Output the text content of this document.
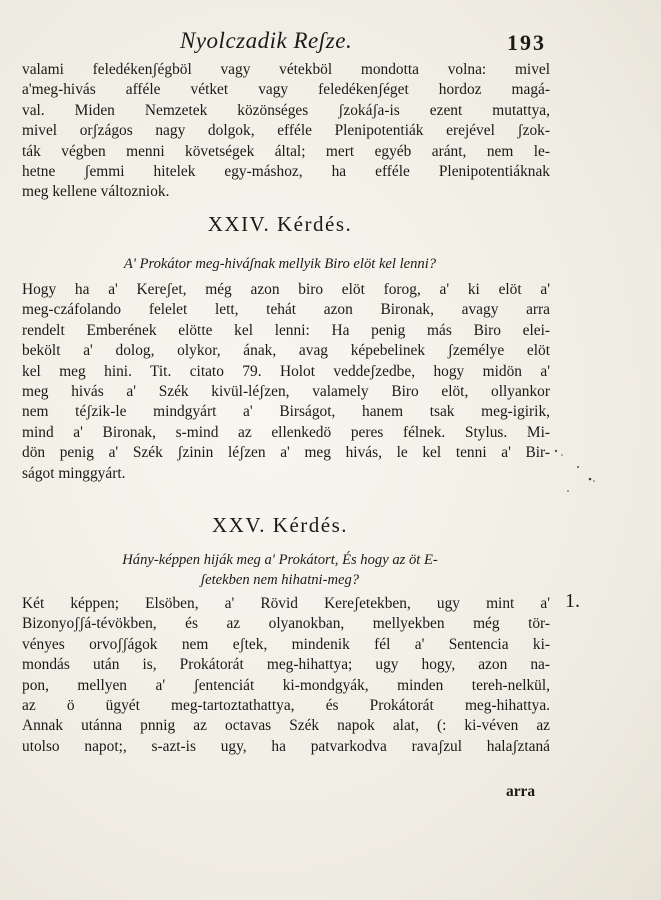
Nyolczadik Reʃze.	193
valami feledékenʃégböl vagy vétekböl mondotta volna: mivel
a'meg-hivás afféle vétket vagy feledékenʃéget hordoz magá-
val. Miden Nemzetek közönséges ʃzokáʃa-is ezent mutattya,
mivel orʃzágos nagy dolgok, efféle Plenipotentiák erejével ʃzok-
ták végben menni követségek által; mert egyéb aránt, nem le-
hetne ʃemmi hitelek egy-máshoz, ha efféle Plenipotentiáknak
meg kellene változniok.
XXIV. Kérdés.
A' Prokátor meg-hiváʃnak mellyik Biro elöt kel lenni?
Hogy ha a' Kereʃet, még azon biro elöt forog, a' ki elöt a'
meg-czáfolando felelet lett, tehát azon Bironak, avagy arra
rendelt Emberének elötte kel lenni: Ha penig más Biro elei-
bekölt a' dolog, olykor, ának, avag képebelinek ʃzemélye elöt
kel meg hini. Tit. citato 79. Holot veddeʃzedbe, hogy midön a'
meg hivás a' Szék kivül-léʃzen, valamely Biro elöt, ollyankor
nem téʃzik-le mindgyárt a' Birságot, hanem tsak meg-igirik,
mind a' Bironak, s-mind az ellenkedö peres félnek. Stylus. Mi-
dön penig a' Szék ʃzinin léʃzen a' meg hivás, le kel tenni a' Bir-
ságot minggyárt.
XXV. Kérdés.
Hány-képpen hiják meg a' Prokátort, És hogy az öt E-
ʃetekben nem hihatni-meg?
Két képpen; Elsöben, a' Rövid Kereʃetekben, ugy mint a'
Bizonyoʃʃá-tévökben, és az olyanokban, mellyekben még tör-
vényes orvoʃʃágok nem eʃtek, mindenik fél a' Sentencia ki-
mondás után is, Prokátorát meg-hihattya; ugy hogy, azon na-
pon, mellyen a' ʃentenciát ki-mondgyák, minden tereh-nelkül,
az ö ügyét meg-tartoztathattya, és Prokátorát meg-hihattya.
Annak utánna pnnig az octavas Szék napok alat, (: ki-véven az
utolso napot;, s-azt-is ugy, ha patvarkodva ravaʃzul halaʃztaná
1.
arra
